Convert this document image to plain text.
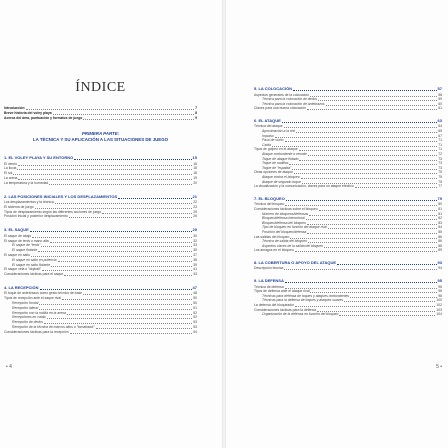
ÍNDICE
Introducción	7
Breve historia del voley playa	8
Acerca del área, puntuación y formatos de juego	9
PRIMERA PARTE:
LA TÉCNICA Y SU APLICACIÓN A LAS SITUACIONES DE JUEGO
1. EL VOLEY PLAYA Y SU ENTORNO	15
El viento	16
La lluvia	18
El sol	18
La arena	19
La temperatura y la humedad	20
2. LAS POSICIONES INICIALES Y LOS DESPLAZAMIENTOS	21
Los desplazamientos y la técnica	22
El sistema de juego	23
Tipos de desplazamiento según las diferentes acciones de juego	25
Posición inicial y posterior desplazamiento	26
3. EL SAQUE	29
El saque de abajo	30
El saque de tenis o mano alta	32
El saque de "tenis"	33
El saque flotante	35
El saque en salto	37
El saque en salto en potencia	38
El saque en salto flotante	39
El saque vela o "skyball"	41
Consideraciones tácticas para el saque	43
4. LA RECEPCIÓN	47
El toque de antebrazos como gesto técnico de base	48
Tipos de recepción ante el saque rival	50
Recepción frontal	50
Recepción lateral	51
Recepción con la rodilla en la arena	52
Recepciones en caída	52
Recepción de dedos	53
Recepción de la técnica de marcos altos o "tomahawk"	53
Consideraciones tácticas para la recepción	54
• 4
5. LA COLOCACIÓN	57
Aspectos generales de la colocación	58
Técnica para la colocación de dedos	59
Técnica para la colocación de antebrazos	60
Claves para una buena colocación	61
6. EL ATAQUE	63
Técnica del ataque	64
Aproximación a la red	65
Impulso	67
Paso de vuelo	71
Caída	71
Tipos de golpeo en el ataque	71
Ataque contundente o remate	72
Toque de ataque fintado	73
Toque de nudillos	73
Toque de "espalda"	73
Otras opciones de ataque	75
Ataque contra el bloqueo	75
Ataque de segundo toque	75
La visualización y la comunicación, claves para un ataque efectivo	77
7. EL BLOQUEO	79
Técnica del bloqueo	80
Consideraciones tácticas sobre el bloqueo	81
Número de bloqueos/defensas	81
Bloqueo/defensa intencional	82
Bloqueo/defensa del bloqueo	83
Tipo de bloqueo en función del ataque rival	84
Posición del bloqueo/defensa	85
Las salidas del bloqueo	86
Técnica de salida del bloqueo	86
Aspectos claves de la salida del bloqueo	88
Los amagos en el bloqueo	89
8. LA COBERTURA O APOYO DEL ATAQUE	93
Descripción técnica	94
9. LA DEFENSA	95
Técnica de defensa	96
Tipos de defensa ante el ataque rival	98
Técnicas para defensa de toques y ataques contundentes	98
Técnicas para la defensa de toques y ataques suaves	100
La defensa del bloqueador	102
Consideraciones tácticas para la defensa	103
Organización de la defensa en función del bloqueo	104
5 •
